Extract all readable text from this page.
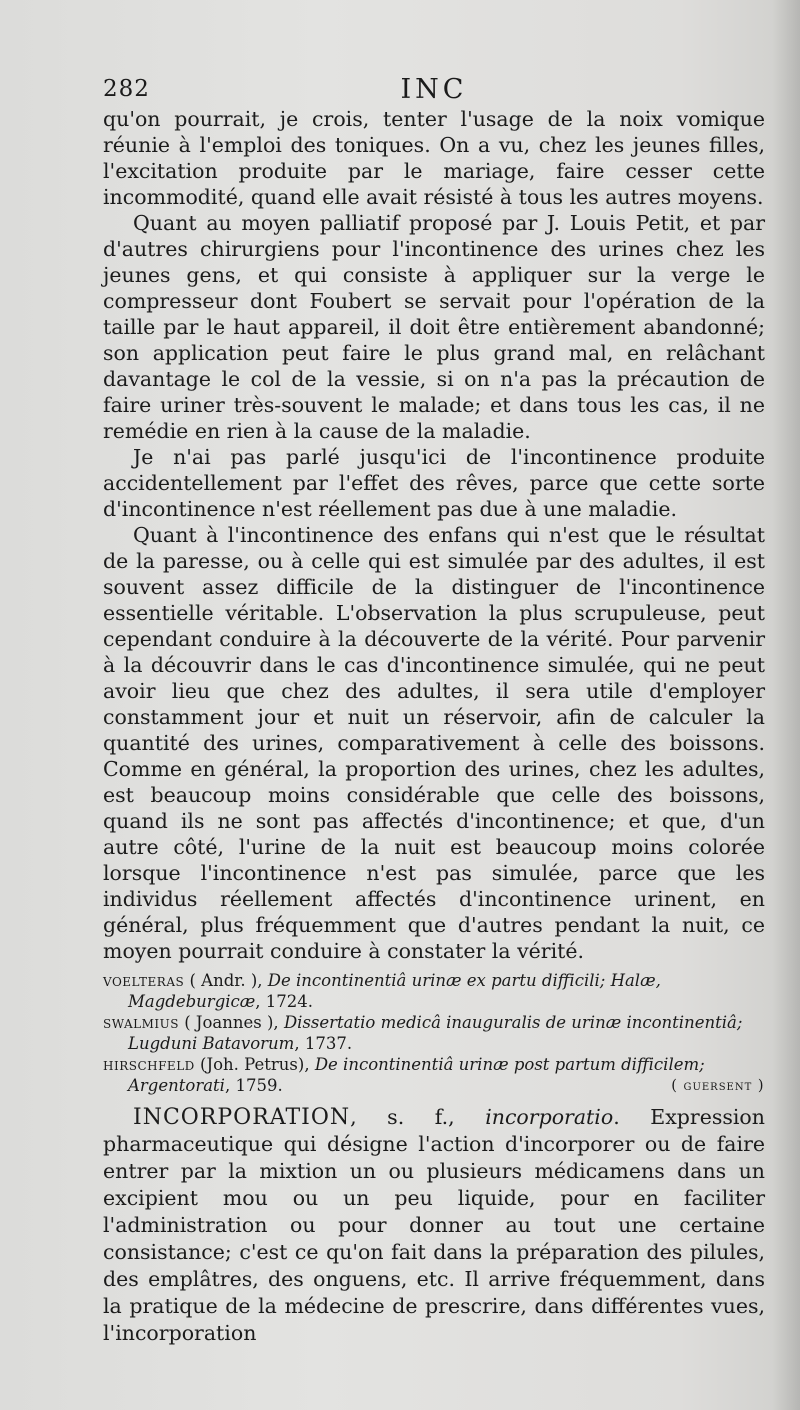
282	INC

qu'on pourrait, je crois, tenter l'usage de la noix vomique réunie à l'emploi des toniques. On a vu, chez les jeunes filles, l'excitation produite par le mariage, faire cesser cette incommodité, quand elle avait résisté à tous les autres moyens.

Quant au moyen palliatif proposé par J. Louis Petit, et par d'autres chirurgiens pour l'incontinence des urines chez les jeunes gens, et qui consiste à appliquer sur la verge le compresseur dont Foubert se servait pour l'opération de la taille par le haut appareil, il doit être entièrement abandonné; son application peut faire le plus grand mal, en relâchant davantage le col de la vessie, si on n'a pas la précaution de faire uriner très-souvent le malade; et dans tous les cas, il ne remédie en rien à la cause de la maladie.

Je n'ai pas parlé jusqu'ici de l'incontinence produite accidentellement par l'effet des rêves, parce que cette sorte d'incontinence n'est réellement pas due à une maladie.

Quant à l'incontinence des enfans qui n'est que le résultat de la paresse, ou à celle qui est simulée par des adultes, il est souvent assez difficile de la distinguer de l'incontinence essentielle véritable. L'observation la plus scrupuleuse, peut cependant conduire à la découverte de la vérité. Pour parvenir à la découvrir dans le cas d'incontinence simulée, qui ne peut avoir lieu que chez des adultes, il sera utile d'employer constamment jour et nuit un réservoir, afin de calculer la quantité des urines, comparativement à celle des boissons. Comme en général, la proportion des urines, chez les adultes, est beaucoup moins considérable que celle des boissons, quand ils ne sont pas affectés d'incontinence; et que, d'un autre côté, l'urine de la nuit est beaucoup moins colorée lorsque l'incontinence n'est pas simulée, parce que les individus réellement affectés d'incontinence urinent, en général, plus fréquemment que d'autres pendant la nuit, ce moyen pourrait conduire à constater la vérité.

voelteras ( Andr. ), De incontinentiâ urinæ ex partu difficili; Halæ, Magdeburgicæ, 1724.

swalmius ( Joannes ), Dissertatio medicâ inauguralis de urinæ incontinentiâ; Lugduni Batavorum, 1737.

hirschfeld (Joh. Petrus), De incontinentiâ urinæ post partum difficilem; Argentorati, 1759.	( guersent )

INCORPORATION, s. f., incorporatio. Expression pharmaceutique qui désigne l'action d'incorporer ou de faire entrer par la mixtion un ou plusieurs médicamens dans un excipient mou ou un peu liquide, pour en faciliter l'administration ou pour donner au tout une certaine consistance; c'est ce qu'on fait dans la préparation des pilules, des emplâtres, des onguens, etc. Il arrive fréquemment, dans la pratique de la médecine de prescrire, dans différentes vues, l'incorporation
